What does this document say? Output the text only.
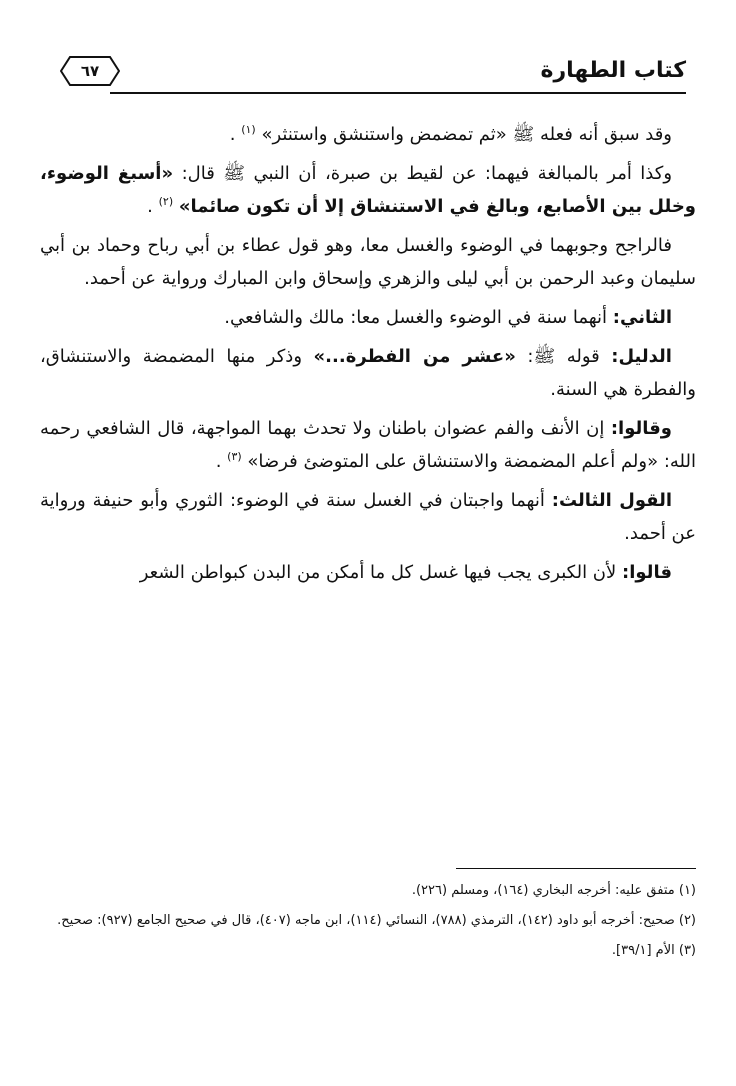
٦٧	كتاب الطهارة

وقد سبق أنه فعله ﷺ «ثم تمضمض واستنشق واستنثر» $^{(١)}$ .

وكذا أمر بالمبالغة فيهما: عن لقيط بن صبرة، أن النبي ﷺ قال: «أسبغ الوضوء، وخلل بين الأصابع، وبالغ في الاستنشاق إلا أن تكون صائما» $^{(٢)}$ .

فالراجح وجوبهما في الوضوء والغسل معا، وهو قول عطاء بن أبي رباح وحماد بن أبي سليمان وعبد الرحمن بن أبي ليلى والزهري وإسحاق وابن المبارك ورواية عن أحمد.

الثاني: أنهما سنة في الوضوء والغسل معا: مالك والشافعي.

الدليل: قوله ﷺ: «عشر من الفطرة...» وذكر منها المضمضة والاستنشاق، والفطرة هي السنة.

وقالوا: إن الأنف والفم عضوان باطنان ولا تحدث بهما المواجهة، قال الشافعي رحمه الله: «ولم أعلم المضمضة والاستنشاق على المتوضئ فرضا» $^{(٣)}$ .

القول الثالث: أنهما واجبتان في الغسل سنة في الوضوء: الثوري وأبو حنيفة ورواية عن أحمد.

قالوا: لأن الكبرى يجب فيها غسل كل ما أمكن من البدن كبواطن الشعر

(١) متفق عليه: أخرجه البخاري (١٦٤)، ومسلم (٢٢٦).

(٢) صحيح: أخرجه أبو داود (١٤٢)، الترمذي (٧٨٨)، النسائي (١١٤)، ابن ماجه (٤٠٧)، قال في صحيح الجامع (٩٢٧): صحيح.

(٣) الأم [٣٩/١].
